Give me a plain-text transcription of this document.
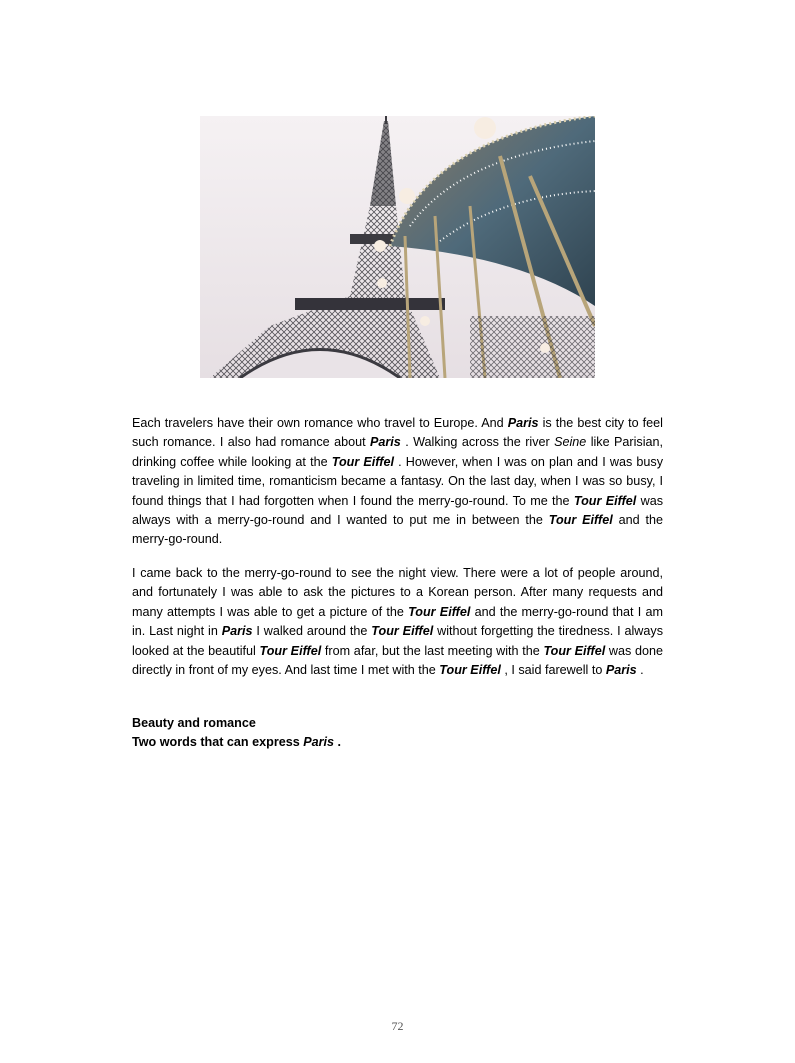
Each travelers have their own romance who travel to Europe. And Paris is the best city to feel such romance. I also had romance about Paris . Walking across the river Seine like Parisian, drinking coffee while looking at the Tour Eiffel . However, when I was on plan and I was busy traveling in limited time, romanticism became a fantasy. On the last day, when I was so busy, I found things that I had forgotten when I found the merry-go-round. To me the Tour Eiffel was always with a merry-go-round and I wanted to put me in between the Tour Eiffel and the merry-go-round.
I came back to the merry-go-round to see the night view. There were a lot of people around, and fortunately I was able to ask the pictures to a Korean person. After many requests and many attempts I was able to get a picture of the Tour Eiffel and the merry-go-round that I am in. Last night in Paris I walked around the Tour Eiffel without forgetting the tiredness. I always looked at the beautiful Tour Eiffel from afar, but the last meeting with the Tour Eiffel was done directly in front of my eyes. And last time I met with the Tour Eiffel , I said farewell to Paris .
Beauty and romance
Two words that can express Paris .
72
